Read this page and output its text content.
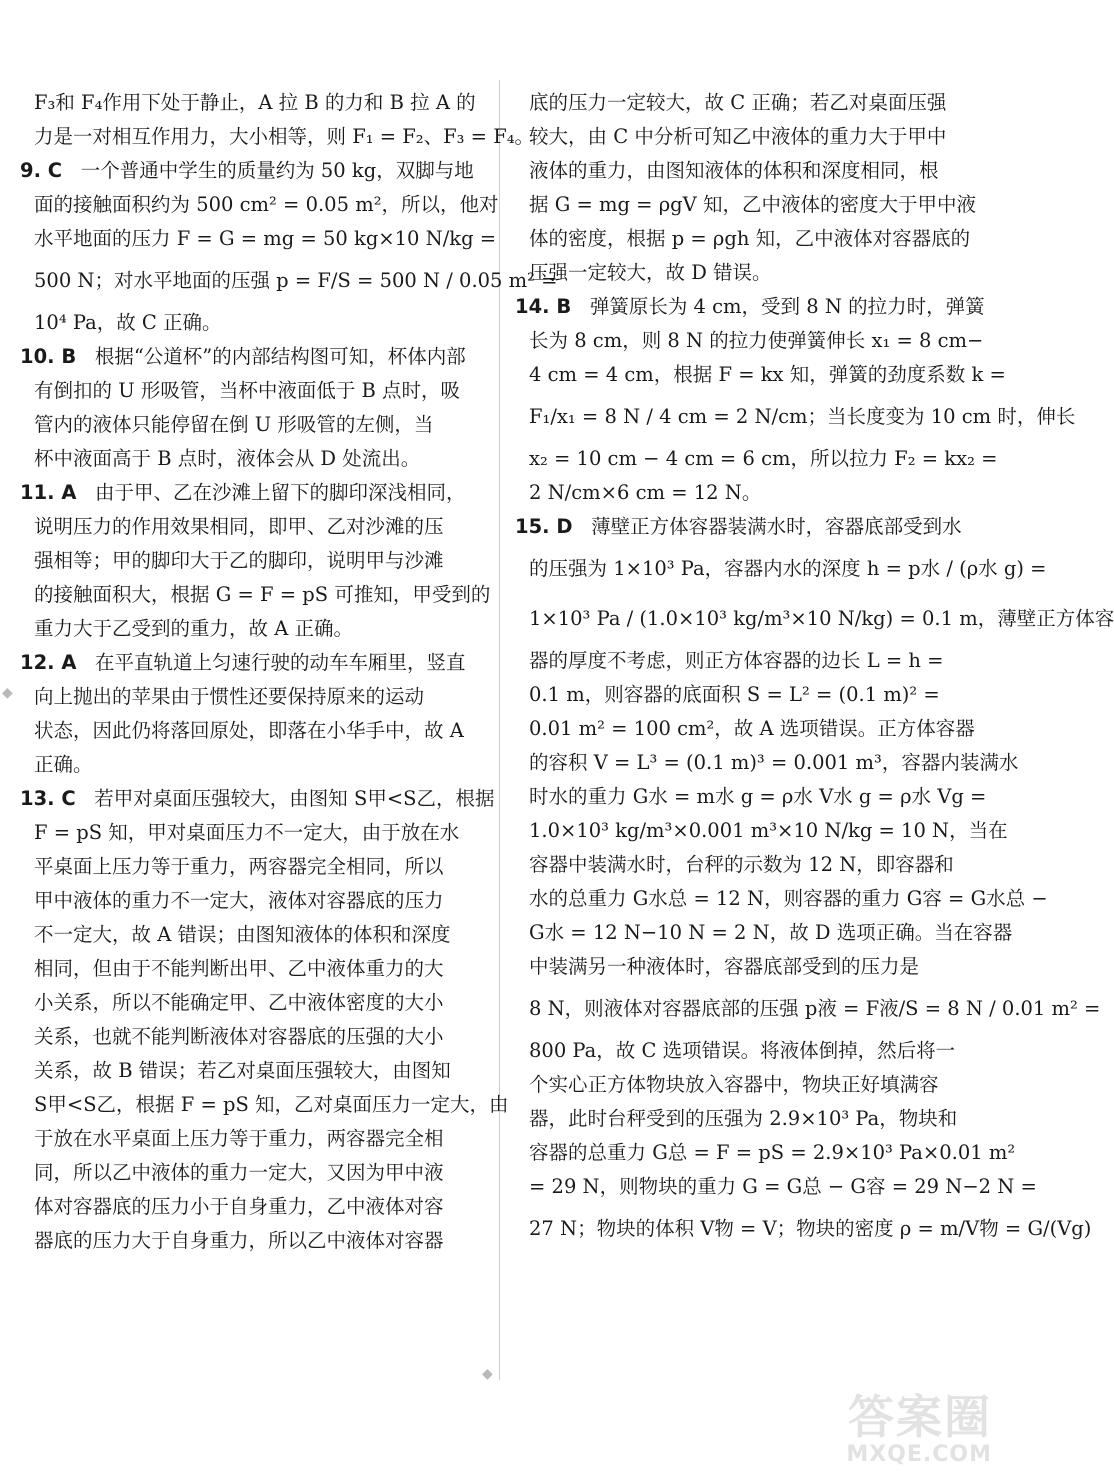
F₃和 F₄作用下处于静止，A 拉 B 的力和 B 拉 A 的
力是一对相互作用力，大小相等，则 F₁ = F₂、F₃ = F₄。
9. C 一个普通中学生的质量约为 50 kg，双脚与地
面的接触面积约为 500 cm² = 0.05 m²，所以，他对
水平地面的压力 F = G = mg = 50 kg×10 N/kg =
500 N；对水平地面的压强 p = F/S = 500 N / 0.05 m² =
10⁴ Pa，故 C 正确。
10. B 根据“公道杯”的内部结构图可知，杯体内部
有倒扣的 U 形吸管，当杯中液面低于 B 点时，吸
管内的液体只能停留在倒 U 形吸管的左侧，当
杯中液面高于 B 点时，液体会从 D 处流出。
11. A 由于甲、乙在沙滩上留下的脚印深浅相同，
说明压力的作用效果相同，即甲、乙对沙滩的压
强相等；甲的脚印大于乙的脚印，说明甲与沙滩
的接触面积大，根据 G = F = pS 可推知，甲受到的
重力大于乙受到的重力，故 A 正确。
12. A 在平直轨道上匀速行驶的动车车厢里，竖直
向上抛出的苹果由于惯性还要保持原来的运动
状态，因此仍将落回原处，即落在小华手中，故 A
正确。
13. C 若甲对桌面压强较大，由图知 S甲<S乙，根据
F = pS 知，甲对桌面压力不一定大，由于放在水
平桌面上压力等于重力，两容器完全相同，所以
甲中液体的重力不一定大，液体对容器底的压力
不一定大，故 A 错误；由图知液体的体积和深度
相同，但由于不能判断出甲、乙中液体重力的大
小关系，所以不能确定甲、乙中液体密度的大小
关系，也就不能判断液体对容器底的压强的大小
关系，故 B 错误；若乙对桌面压强较大，由图知
S甲<S乙，根据 F = pS 知，乙对桌面压力一定大，由
于放在水平桌面上压力等于重力，两容器完全相
同，所以乙中液体的重力一定大，又因为甲中液
体对容器底的压力小于自身重力，乙中液体对容
器底的压力大于自身重力，所以乙中液体对容器
底的压力一定较大，故 C 正确；若乙对桌面压强
较大，由 C 中分析可知乙中液体的重力大于甲中
液体的重力，由图知液体的体积和深度相同，根
据 G = mg = ρgV 知，乙中液体的密度大于甲中液
体的密度，根据 p = ρgh 知，乙中液体对容器底的
压强一定较大，故 D 错误。
14. B 弹簧原长为 4 cm，受到 8 N 的拉力时，弹簧
长为 8 cm，则 8 N 的拉力使弹簧伸长 x₁ = 8 cm−
4 cm = 4 cm，根据 F = kx 知，弹簧的劲度系数 k =
F₁/x₁ = 8 N / 4 cm = 2 N/cm；当长度变为 10 cm 时，伸长
x₂ = 10 cm − 4 cm = 6 cm，所以拉力 F₂ = kx₂ =
2 N/cm×6 cm = 12 N。
15. D 薄壁正方体容器装满水时，容器底部受到水
的压强为 1×10³ Pa，容器内水的深度 h = p水 / (ρ水 g) =
1×10³ Pa / (1.0×10³ kg/m³×10 N/kg) = 0.1 m，薄壁正方体容
器的厚度不考虑，则正方体容器的边长 L = h =
0.1 m，则容器的底面积 S = L² = (0.1 m)² =
0.01 m² = 100 cm²，故 A 选项错误。正方体容器
的容积 V = L³ = (0.1 m)³ = 0.001 m³，容器内装满水
时水的重力 G水 = m水 g = ρ水 V水 g = ρ水 Vg =
1.0×10³ kg/m³×0.001 m³×10 N/kg = 10 N，当在
容器中装满水时，台秤的示数为 12 N，即容器和
水的总重力 G水总 = 12 N，则容器的重力 G容 = G水总 −
G水 = 12 N−10 N = 2 N，故 D 选项正确。当在容器
中装满另一种液体时，容器底部受到的压力是
8 N，则液体对容器底部的压强 p液 = F液/S = 8 N / 0.01 m² =
800 Pa，故 C 选项错误。将液体倒掉，然后将一
个实心正方体物块放入容器中，物块正好填满容
器，此时台秤受到的压强为 2.9×10³ Pa，物块和
容器的总重力 G总 = F = pS = 2.9×10³ Pa×0.01 m²
= 29 N，则物块的重力 G = G总 − G容 = 29 N−2 N =
27 N；物块的体积 V物 = V；物块的密度 ρ = m/V物 = G/(Vg)
◆
◆
答案圈
MXQE.COM
